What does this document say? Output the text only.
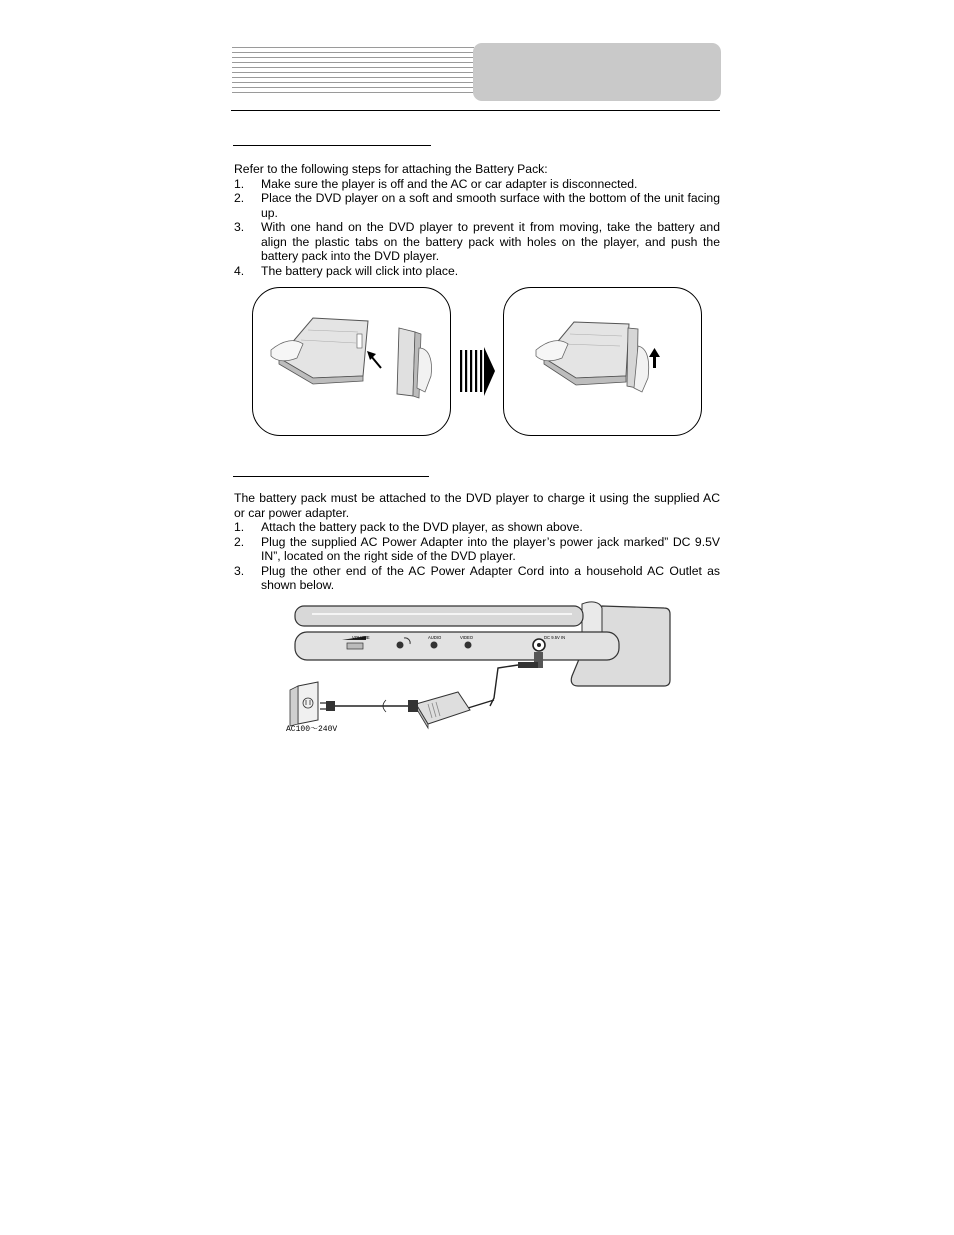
Refer to the following steps for attaching the Battery Pack:

1. Make sure the player is off and the AC or car adapter is disconnected.
2. Place the DVD player on a soft and smooth surface with the bottom of the unit facing up.
3. With one hand on the DVD player to prevent it from moving, take the battery and align the plastic tabs on the battery pack with holes on the player, and push the battery pack into the DVD player.
4. The battery pack will click into place.

The battery pack must be attached to the DVD player to charge it using the supplied AC or car power adapter.

1. Attach the battery pack to the DVD player, as shown above.
2. Plug the supplied AC Power Adapter into the player’s power jack marked” DC 9.5V IN”, located on the right side of the DVD player.
3. Plug the other end of the AC Power Adapter Cord into a household AC Outlet as shown below.
VOLUME	AUDIO	VIDEO	DC 9.5V IN
AC100～240V
